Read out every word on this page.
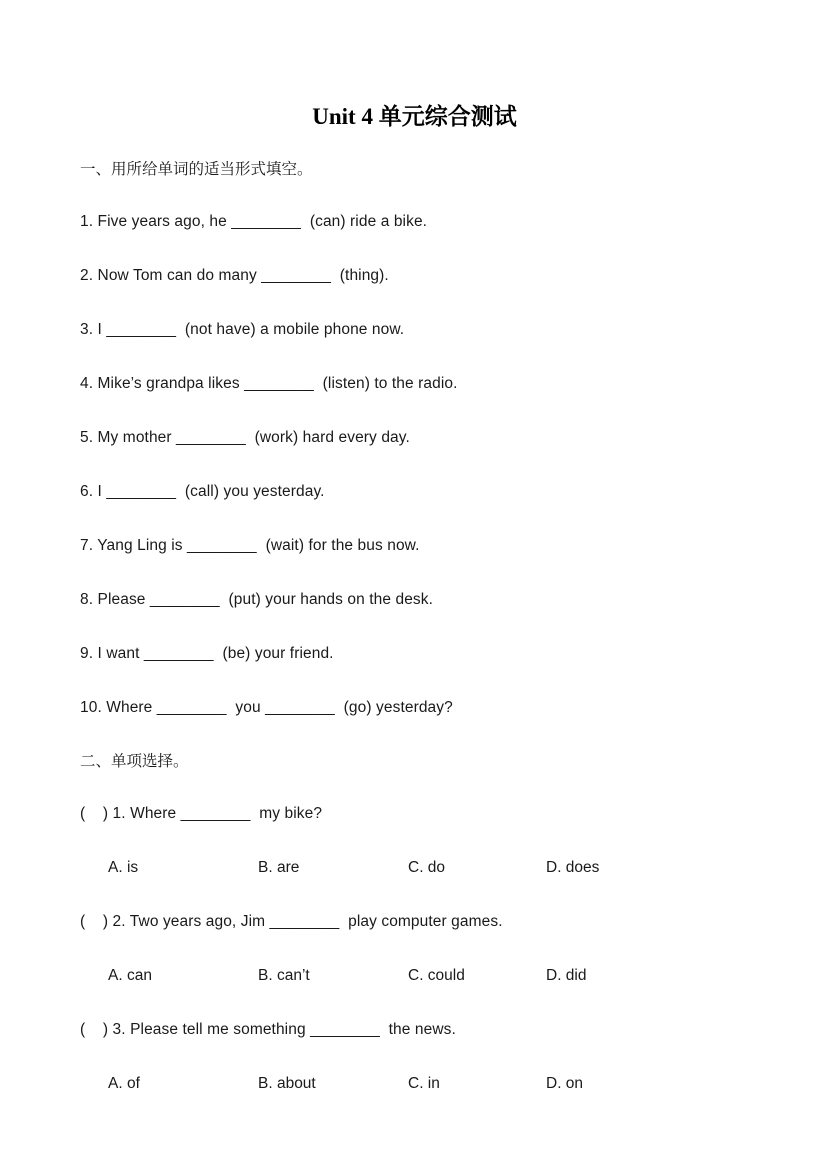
Unit 4 单元综合测试

一、用所给单词的适当形式填空。

1. Five years ago, he ________  (can) ride a bike.

2. Now Tom can do many ________  (thing).

3. I ________  (not have) a mobile phone now.

4. Mike’s grandpa likes ________  (listen) to the radio.

5. My mother ________  (work) hard every day.

6. I ________  (call) you yesterday.

7. Yang Ling is ________  (wait) for the bus now.

8. Please ________  (put) your hands on the desk.

9. I want ________  (be) your friend.

10. Where ________  you ________  (go) yesterday?

二、单项选择。

(    ) 1. Where ________  my bike?

A. is	B. are	C. do	D. does

(    ) 2. Two years ago, Jim ________  play computer games.

A. can	B. can’t	C. could	D. did

(    ) 3. Please tell me something ________  the news.

A. of	B. about	C. in	D. on
